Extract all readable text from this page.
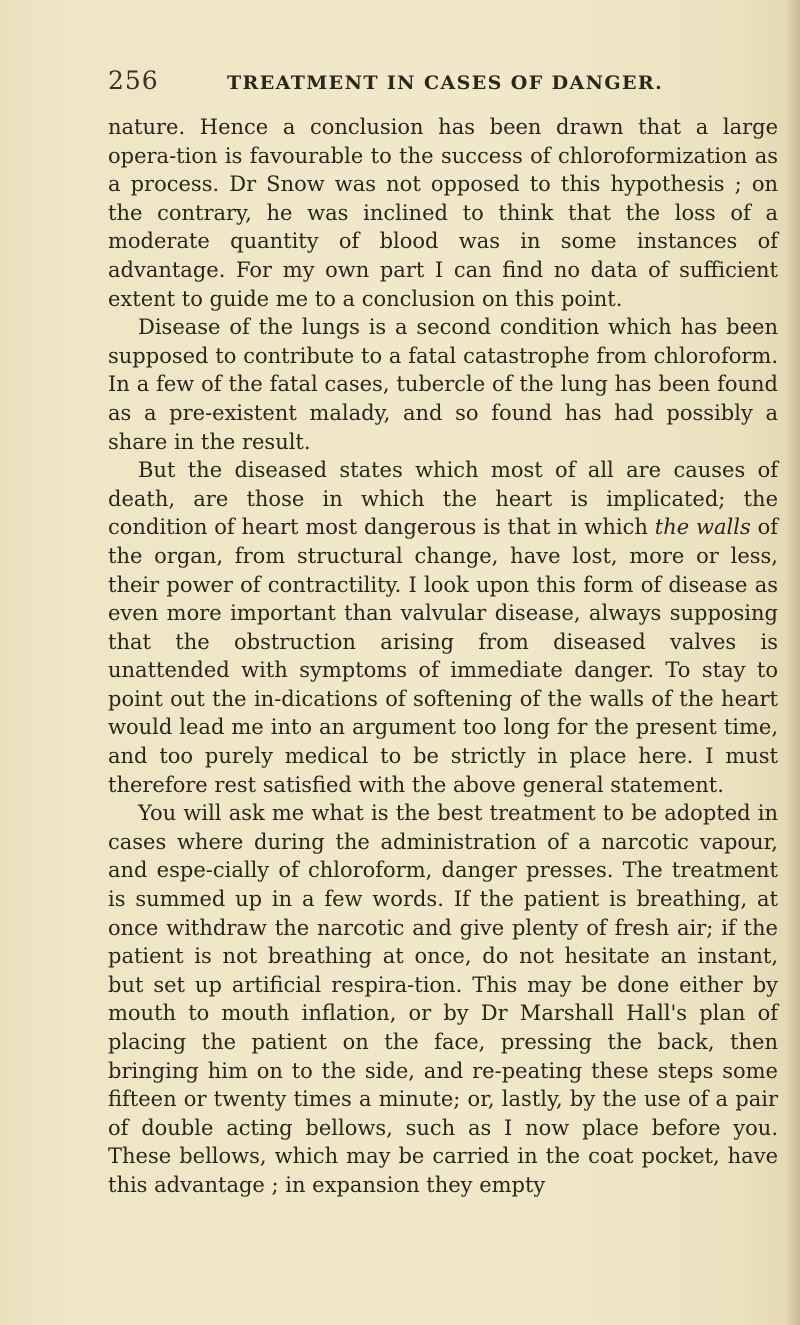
256	TREATMENT IN CASES OF DANGER.

nature. Hence a conclusion has been drawn that a large opera-tion is favourable to the success of chloroformization as a process. Dr Snow was not opposed to this hypothesis ; on the contrary, he was inclined to think that the loss of a moderate quantity of blood was in some instances of advantage. For my own part I can find no data of sufficient extent to guide me to a conclusion on this point.

Disease of the lungs is a second condition which has been supposed to contribute to a fatal catastrophe from chloroform. In a few of the fatal cases, tubercle of the lung has been found as a pre-existent malady, and so found has had possibly a share in the result.

But the diseased states which most of all are causes of death, are those in which the heart is implicated; the condition of heart most dangerous is that in which the walls of the organ, from structural change, have lost, more or less, their power of contractility. I look upon this form of disease as even more important than valvular disease, always supposing that the obstruction arising from diseased valves is unattended with symptoms of immediate danger. To stay to point out the in-dications of softening of the walls of the heart would lead me into an argument too long for the present time, and too purely medical to be strictly in place here. I must therefore rest satisfied with the above general statement.

You will ask me what is the best treatment to be adopted in cases where during the administration of a narcotic vapour, and espe-cially of chloroform, danger presses. The treatment is summed up in a few words. If the patient is breathing, at once withdraw the narcotic and give plenty of fresh air; if the patient is not breathing at once, do not hesitate an instant, but set up artificial respira-tion. This may be done either by mouth to mouth inflation, or by Dr Marshall Hall's plan of placing the patient on the face, pressing the back, then bringing him on to the side, and re-peating these steps some fifteen or twenty times a minute; or, lastly, by the use of a pair of double acting bellows, such as I now place before you. These bellows, which may be carried in the coat pocket, have this advantage ; in expansion they empty
